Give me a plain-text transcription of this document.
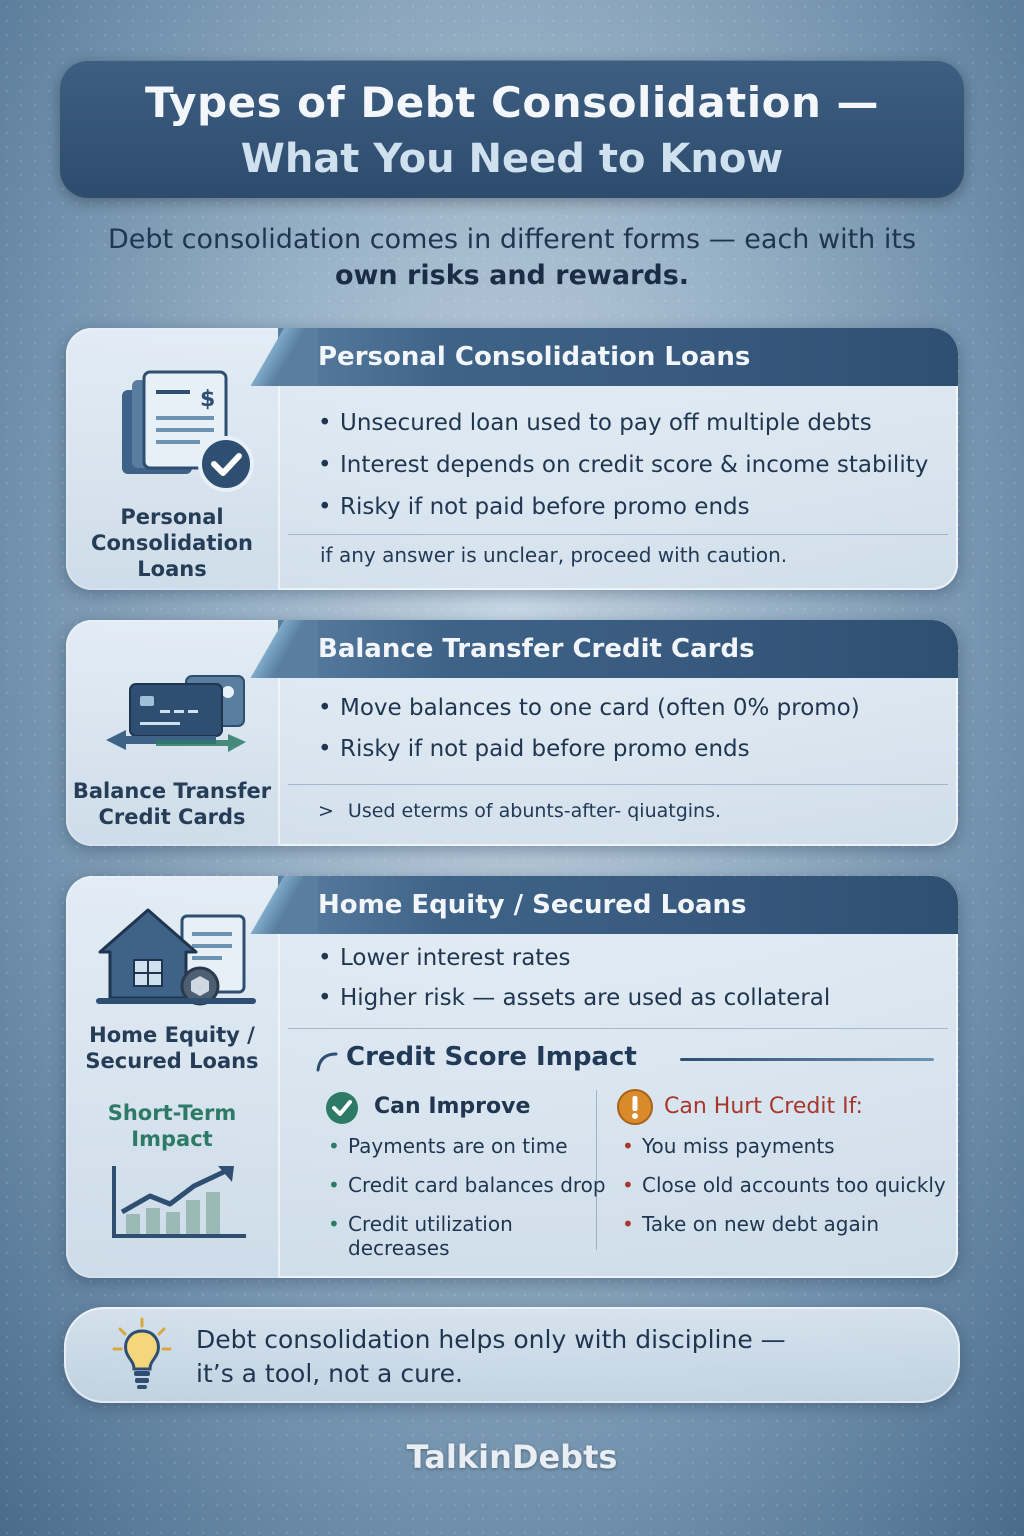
Types of Debt Consolidation —
What You Need to Know
Debt consolidation comes in different forms — each with its own risks and rewards.
$
Personal Consolidation Loans
Personal Consolidation Loans
• Unsecured loan used to pay off multiple debts
• Interest depends on credit score & income stability
• Risky if not paid before promo ends
if any answer is unclear, proceed with caution.
Balance Transfer Credit Cards
Balance Transfer Credit Cards
• Move balances to one card (often 0% promo)
• Risky if not paid before promo ends
> Used eterms of abunts-after- qiuatgins.
Home Equity / Secured Loans
Short-Term Impact
Home Equity / Secured Loans
• Lower interest rates
• Higher risk — assets are used as collateral
Credit Score Impact
Can Improve
• Payments are on time
• Credit card balances drop
• Credit utilization decreases
Can Hurt Credit If:
• You miss payments
• Close old accounts too quickly
• Take on new debt again
Debt consolidation helps only with discipline —
it’s a tool, not a cure.
TalkinDebts
